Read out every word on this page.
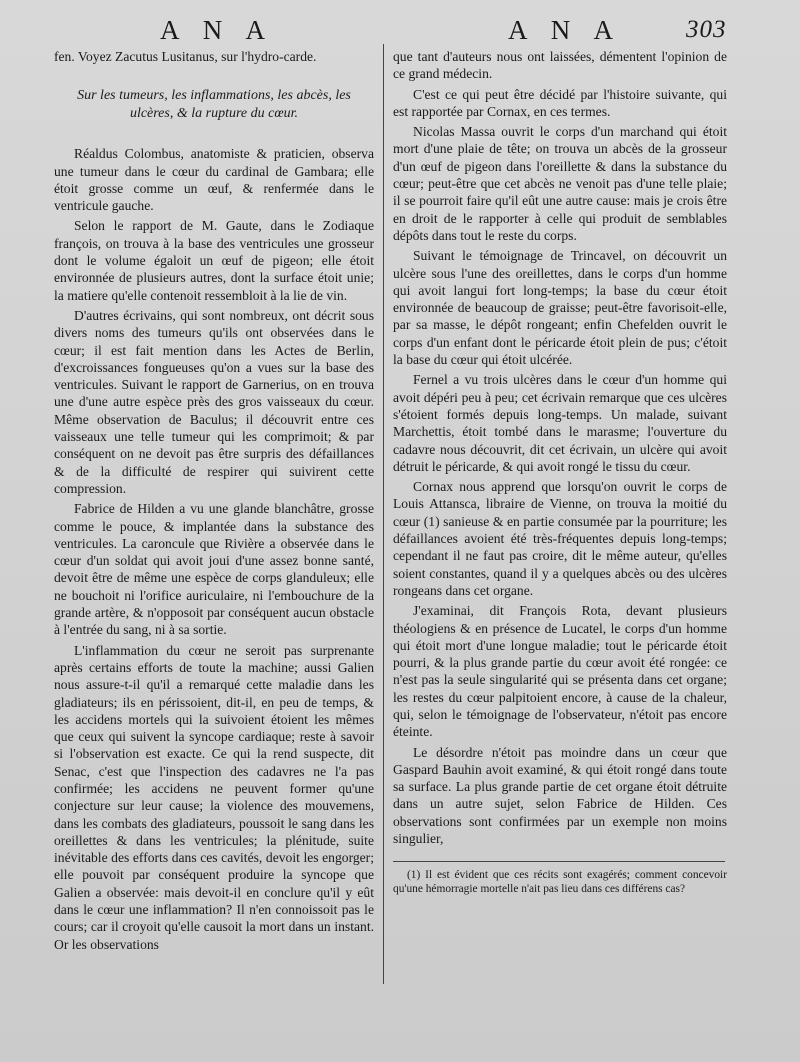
A N A	A N A	303

fen. Voyez Zacutus Lusitanus, sur l'hydro-carde.

Sur les tumeurs, les inflammations, les abcès, les ulcères, & la rupture du cœur.

Réaldus Colombus, anatomiste & praticien, observa une tumeur dans le cœur du cardinal de Gambara; elle étoit grosse comme un œuf, & renfermée dans le ventricule gauche.

Selon le rapport de M. Gaute, dans le Zodiaque françois, on trouva à la base des ventricules une grosseur dont le volume égaloit un œuf de pigeon; elle étoit environnée de plusieurs autres, dont la surface étoit unie; la matiere qu'elle contenoit ressembloit à la lie de vin.

D'autres écrivains, qui sont nombreux, ont décrit sous divers noms des tumeurs qu'ils ont observées dans le cœur; il est fait mention dans les Actes de Berlin, d'excroissances fongueuses qu'on a vues sur la base des ventricules. Suivant le rapport de Garnerius, on en trouva une d'une autre espèce près des gros vaisseaux du cœur. Même observation de Baculus; il découvrit entre ces vaisseaux une telle tumeur qui les comprimoit; & par conséquent on ne devoit pas être surpris des défaillances & de la difficulté de respirer qui suivirent cette compression.

Fabrice de Hilden a vu une glande blanchâtre, grosse comme le pouce, & implantée dans la substance des ventricules. La caroncule que Rivière a observée dans le cœur d'un soldat qui avoit joui d'une assez bonne santé, devoit être de même une espèce de corps glanduleux; elle ne bouchoit ni l'orifice auriculaire, ni l'embouchure de la grande artère, & n'opposoit par conséquent aucun obstacle à l'entrée du sang, ni à sa sortie.

L'inflammation du cœur ne seroit pas surprenante après certains efforts de toute la machine; aussi Galien nous assure-t-il qu'il a remarqué cette maladie dans les gladiateurs; ils en périssoient, dit-il, en peu de temps, & les accidens mortels qui la suivoient étoient les mêmes que ceux qui suivent la syncope cardiaque; reste à savoir si l'observation est exacte. Ce qui la rend suspecte, dit Senac, c'est que l'inspection des cadavres ne l'a pas confirmée; les accidens ne peuvent former qu'une conjecture sur leur cause; la violence des mouvemens, dans les combats des gladiateurs, poussoit le sang dans les oreillettes & dans les ventricules; la plénitude, suite inévitable des efforts dans ces cavités, devoit les engorger; elle pouvoit par conséquent produire la syncope que Galien a observée: mais devoit-il en conclure qu'il y eût dans le cœur une inflammation? Il n'en connoissoit pas le cours; car il croyoit qu'elle causoit la mort dans un instant. Or les observations

que tant d'auteurs nous ont laissées, démentent l'opinion de ce grand médecin.

C'est ce qui peut être décidé par l'histoire suivante, qui est rapportée par Cornax, en ces termes.

Nicolas Massa ouvrit le corps d'un marchand qui étoit mort d'une plaie de tête; on trouva un abcès de la grosseur d'un œuf de pigeon dans l'oreillette & dans la substance du cœur; peut-être que cet abcès ne venoit pas d'une telle plaie; il se pourroit faire qu'il eût une autre cause: mais je crois être en droit de le rapporter à celle qui produit de semblables dépôts dans tout le reste du corps.

Suivant le témoignage de Trincavel, on découvrit un ulcère sous l'une des oreillettes, dans le corps d'un homme qui avoit langui fort long-temps; la base du cœur étoit environnée de beaucoup de graisse; peut-être favorisoit-elle, par sa masse, le dépôt rongeant; enfin Chefelden ouvrit le corps d'un enfant dont le péricarde étoit plein de pus; c'étoit la base du cœur qui étoit ulcérée.

Fernel a vu trois ulcères dans le cœur d'un homme qui avoit dépéri peu à peu; cet écrivain remarque que ces ulcères s'étoient formés depuis long-temps. Un malade, suivant Marchettis, étoit tombé dans le marasme; l'ouverture du cadavre nous découvrit, dit cet écrivain, un ulcère qui avoit détruit le péricarde, & qui avoit rongé le tissu du cœur.

Cornax nous apprend que lorsqu'on ouvrit le corps de Louis Attansca, libraire de Vienne, on trouva la moitié du cœur (1) sanieuse & en partie consumée par la pourriture; les défaillances avoient été très-fréquentes depuis long-temps; cependant il ne faut pas croire, dit le même auteur, qu'elles soient constantes, quand il y a quelques abcès ou des ulcères rongeans dans cet organe.

J'examinai, dit François Rota, devant plusieurs théologiens & en présence de Lucatel, le corps d'un homme qui étoit mort d'une longue maladie; tout le péricarde étoit pourri, & la plus grande partie du cœur avoit été rongée: ce n'est pas la seule singularité qui se présenta dans cet organe; les restes du cœur palpitoient encore, à cause de la chaleur, qui, selon le témoignage de l'observateur, n'étoit pas encore éteinte.

Le désordre n'étoit pas moindre dans un cœur que Gaspard Bauhin avoit examiné, & qui étoit rongé dans toute sa surface. La plus grande partie de cet organe étoit détruite dans un autre sujet, selon Fabrice de Hilden. Ces observations sont confirmées par un exemple non moins singulier,

(1) Il est évident que ces récits sont exagérés; comment concevoir qu'une hémorragie mortelle n'ait pas lieu dans ces différens cas?
